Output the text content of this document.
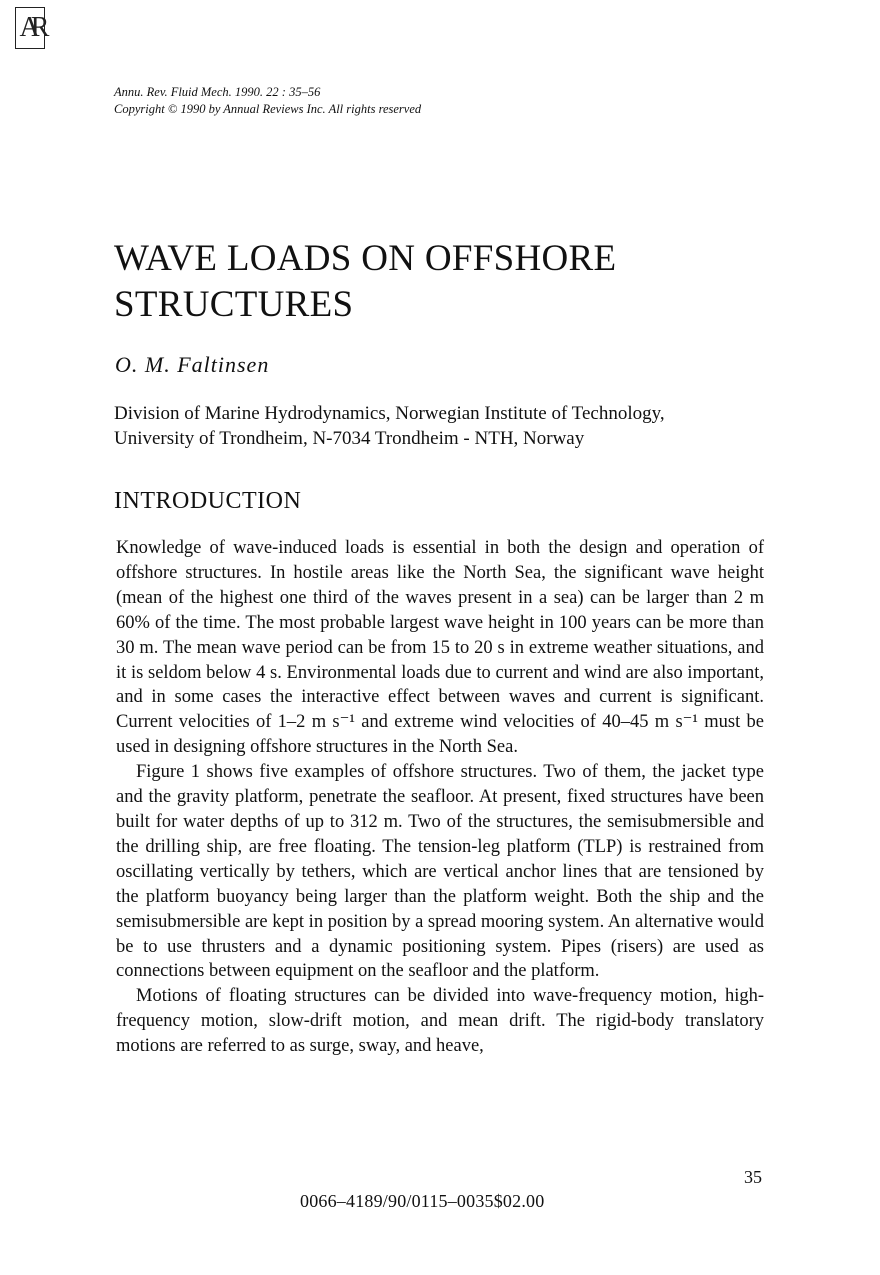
AR
Annu. Rev. Fluid Mech. 1990. 22 : 35–56
Copyright © 1990 by Annual Reviews Inc. All rights reserved
WAVE LOADS ON OFFSHORE STRUCTURES
O. M. Faltinsen
Division of Marine Hydrodynamics, Norwegian Institute of Technology,
University of Trondheim, N-7034 Trondheim - NTH, Norway
INTRODUCTION

Knowledge of wave-induced loads is essential in both the design and operation of offshore structures. In hostile areas like the North Sea, the significant wave height (mean of the highest one third of the waves present in a sea) can be larger than 2 m 60% of the time. The most probable largest wave height in 100 years can be more than 30 m. The mean wave period can be from 15 to 20 s in extreme weather situations, and it is seldom below 4 s. Environmental loads due to current and wind are also important, and in some cases the interactive effect between waves and current is significant. Current velocities of 1–2 m s⁻¹ and extreme wind velocities of 40–45 m s⁻¹ must be used in designing offshore structures in the North Sea.

Figure 1 shows five examples of offshore structures. Two of them, the jacket type and the gravity platform, penetrate the seafloor. At present, fixed structures have been built for water depths of up to 312 m. Two of the structures, the semisubmersible and the drilling ship, are free floating. The tension-leg platform (TLP) is restrained from oscillating vertically by tethers, which are vertical anchor lines that are tensioned by the platform buoyancy being larger than the platform weight. Both the ship and the semisubmersible are kept in position by a spread mooring system. An alternative would be to use thrusters and a dynamic positioning system. Pipes (risers) are used as connections between equipment on the seafloor and the platform.

Motions of floating structures can be divided into wave-frequency motion, high-frequency motion, slow-drift motion, and mean drift. The rigid-body translatory motions are referred to as surge, sway, and heave,

35
0066–4189/90/0115–0035$02.00
